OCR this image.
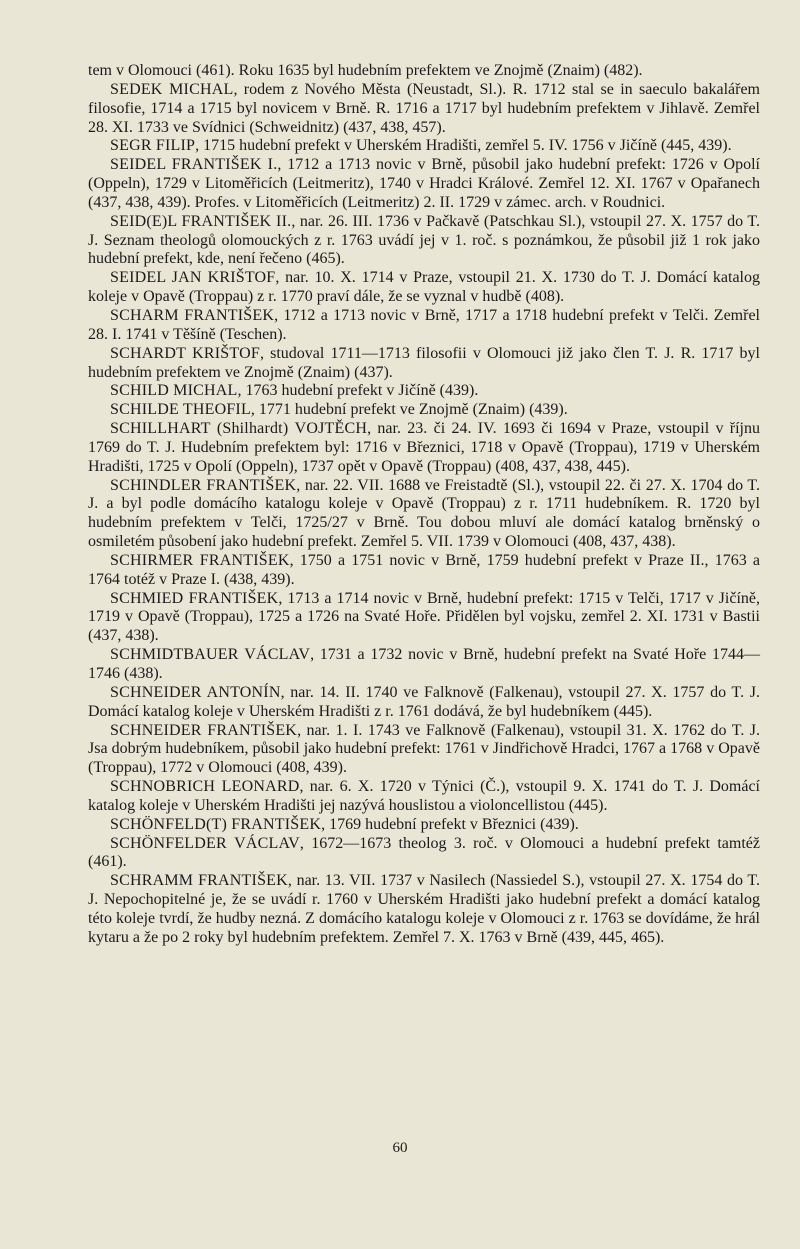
tem v Olomouci (461). Roku 1635 byl hudebním prefektem ve Znojmě (Znaim) (482).

SEDEK MICHAL, rodem z Nového Města (Neustadt, Sl.). R. 1712 stal se in saeculo bakalářem filosofie, 1714 a 1715 byl novicem v Brně. R. 1716 a 1717 byl hudebním prefektem v Jihlavě. Zemřel 28. XI. 1733 ve Svídnici (Schweidnitz) (437, 438, 457).

SEGR FILIP, 1715 hudební prefekt v Uherském Hradišti, zemřel 5. IV. 1756 v Jičíně (445, 439).

SEIDEL FRANTIŠEK I., 1712 a 1713 novic v Brně, působil jako hudební prefekt: 1726 v Opolí (Oppeln), 1729 v Litoměřicích (Leitmeritz), 1740 v Hradci Králové. Zemřel 12. XI. 1767 v Opařanech (437, 438, 439). Profes. v Litoměřicích (Leitmeritz) 2. II. 1729 v zámec. arch. v Roudnici.

SEID(E)L FRANTIŠEK II., nar. 26. III. 1736 v Pačkavě (Patschkau Sl.), vstoupil 27. X. 1757 do T. J. Seznam theologů olomouckých z r. 1763 uvádí jej v 1. roč. s poznámkou, že působil již 1 rok jako hudební prefekt, kde, není řečeno (465).

SEIDEL JAN KRIŠTOF, nar. 10. X. 1714 v Praze, vstoupil 21. X. 1730 do T. J. Domácí katalog koleje v Opavě (Troppau) z r. 1770 praví dále, že se vyznal v hudbě (408).

SCHARM FRANTIŠEK, 1712 a 1713 novic v Brně, 1717 a 1718 hudební prefekt v Telči. Zemřel 28. I. 1741 v Těšíně (Teschen).

SCHARDT KRIŠTOF, studoval 1711—1713 filosofii v Olomouci již jako člen T. J. R. 1717 byl hudebním prefektem ve Znojmě (Znaim) (437).

SCHILD MICHAL, 1763 hudební prefekt v Jičíně (439).

SCHILDE THEOFIL, 1771 hudební prefekt ve Znojmě (Znaim) (439).

SCHILLHART (Shilhardt) VOJTĚCH, nar. 23. či 24. IV. 1693 či 1694 v Praze, vstoupil v říjnu 1769 do T. J. Hudebním prefektem byl: 1716 v Březnici, 1718 v Opavě (Troppau), 1719 v Uherském Hradišti, 1725 v Opolí (Oppeln), 1737 opět v Opavě (Troppau) (408, 437, 438, 445).

SCHINDLER FRANTIŠEK, nar. 22. VII. 1688 ve Freistadtě (Sl.), vstoupil 22. či 27. X. 1704 do T. J. a byl podle domácího katalogu koleje v Opavě (Troppau) z r. 1711 hudebníkem. R. 1720 byl hudebním prefektem v Telči, 1725/27 v Brně. Tou dobou mluví ale domácí katalog brněnský o osmiletém působení jako hudební prefekt. Zemřel 5. VII. 1739 v Olomouci (408, 437, 438).

SCHIRMER FRANTIŠEK, 1750 a 1751 novic v Brně, 1759 hudební prefekt v Praze II., 1763 a 1764 totéž v Praze I. (438, 439).

SCHMIED FRANTIŠEK, 1713 a 1714 novic v Brně, hudební prefekt: 1715 v Telči, 1717 v Jičíně, 1719 v Opavě (Troppau), 1725 a 1726 na Svaté Hoře. Přidělen byl vojsku, zemřel 2. XI. 1731 v Bastii (437, 438).

SCHMIDTBAUER VÁCLAV, 1731 a 1732 novic v Brně, hudební prefekt na Svaté Hoře 1744—1746 (438).

SCHNEIDER ANTONÍN, nar. 14. II. 1740 ve Falknově (Falkenau), vstoupil 27. X. 1757 do T. J. Domácí katalog koleje v Uherském Hradišti z r. 1761 dodává, že byl hudebníkem (445).

SCHNEIDER FRANTIŠEK, nar. 1. I. 1743 ve Falknově (Falkenau), vstoupil 31. X. 1762 do T. J. Jsa dobrým hudebníkem, působil jako hudební prefekt: 1761 v Jindřichově Hradci, 1767 a 1768 v Opavě (Troppau), 1772 v Olomouci (408, 439).

SCHNOBRICH LEONARD, nar. 6. X. 1720 v Týnici (Č.), vstoupil 9. X. 1741 do T. J. Domácí katalog koleje v Uherském Hradišti jej nazývá houslistou a violoncellistou (445).

SCHÖNFELD(T) FRANTIŠEK, 1769 hudební prefekt v Březnici (439).

SCHÖNFELDER VÁCLAV, 1672—1673 theolog 3. roč. v Olomouci a hudební prefekt tamtéž (461).

SCHRAMM FRANTIŠEK, nar. 13. VII. 1737 v Nasilech (Nassiedel S.), vstoupil 27. X. 1754 do T. J. Nepochopitelné je, že se uvádí r. 1760 v Uherském Hradišti jako hudební prefekt a domácí katalog této koleje tvrdí, že hudby nezná. Z domácího katalogu koleje v Olomouci z r. 1763 se dovídáme, že hrál kytaru a že po 2 roky byl hudebním prefektem. Zemřel 7. X. 1763 v Brně (439, 445, 465).

60
